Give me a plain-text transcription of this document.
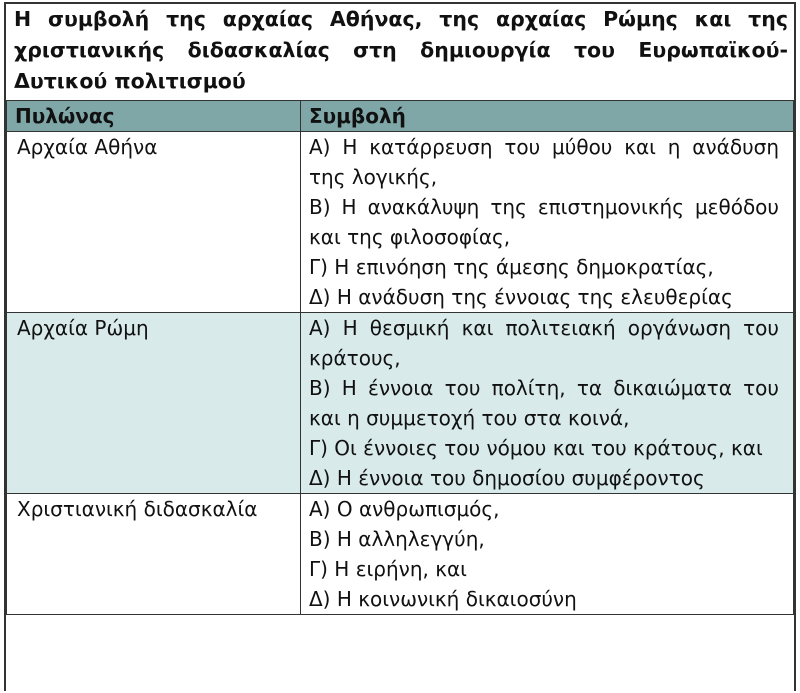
Η συμβολή της αρχαίας Αθήνας, της αρχαίας Ρώμης και της χριστιανικής διδασκαλίας στη δημιουργία του Ευρωπαϊκού-Δυτικού πολιτισμού
Πυλώνας	Συμβολή
Αρχαία Αθήνα	Α) Η κατάρρευση του μύθου και η ανάδυση της λογικής,
Β) Η ανακάλυψη της επιστημονικής μεθόδου και της φιλοσοφίας,
Γ) Η επινόηση της άμεσης δημοκρατίας,
Δ) Η ανάδυση της έννοιας της ελευθερίας

Αρχαία Ρώμη	Α) Η θεσμική και πολιτειακή οργάνωση του κράτους,
Β) Η έννοια του πολίτη, τα δικαιώματα του και η συμμετοχή του στα κοινά,
Γ) Οι έννοιες του νόμου και του κράτους, και
Δ) Η έννοια του δημοσίου συμφέροντος

Χριστιανική διδασκαλία	Α) Ο ανθρωπισμός,
Β) Η αλληλεγγύη,
Γ) Η ειρήνη, και
Δ) Η κοινωνική δικαιοσύνη
